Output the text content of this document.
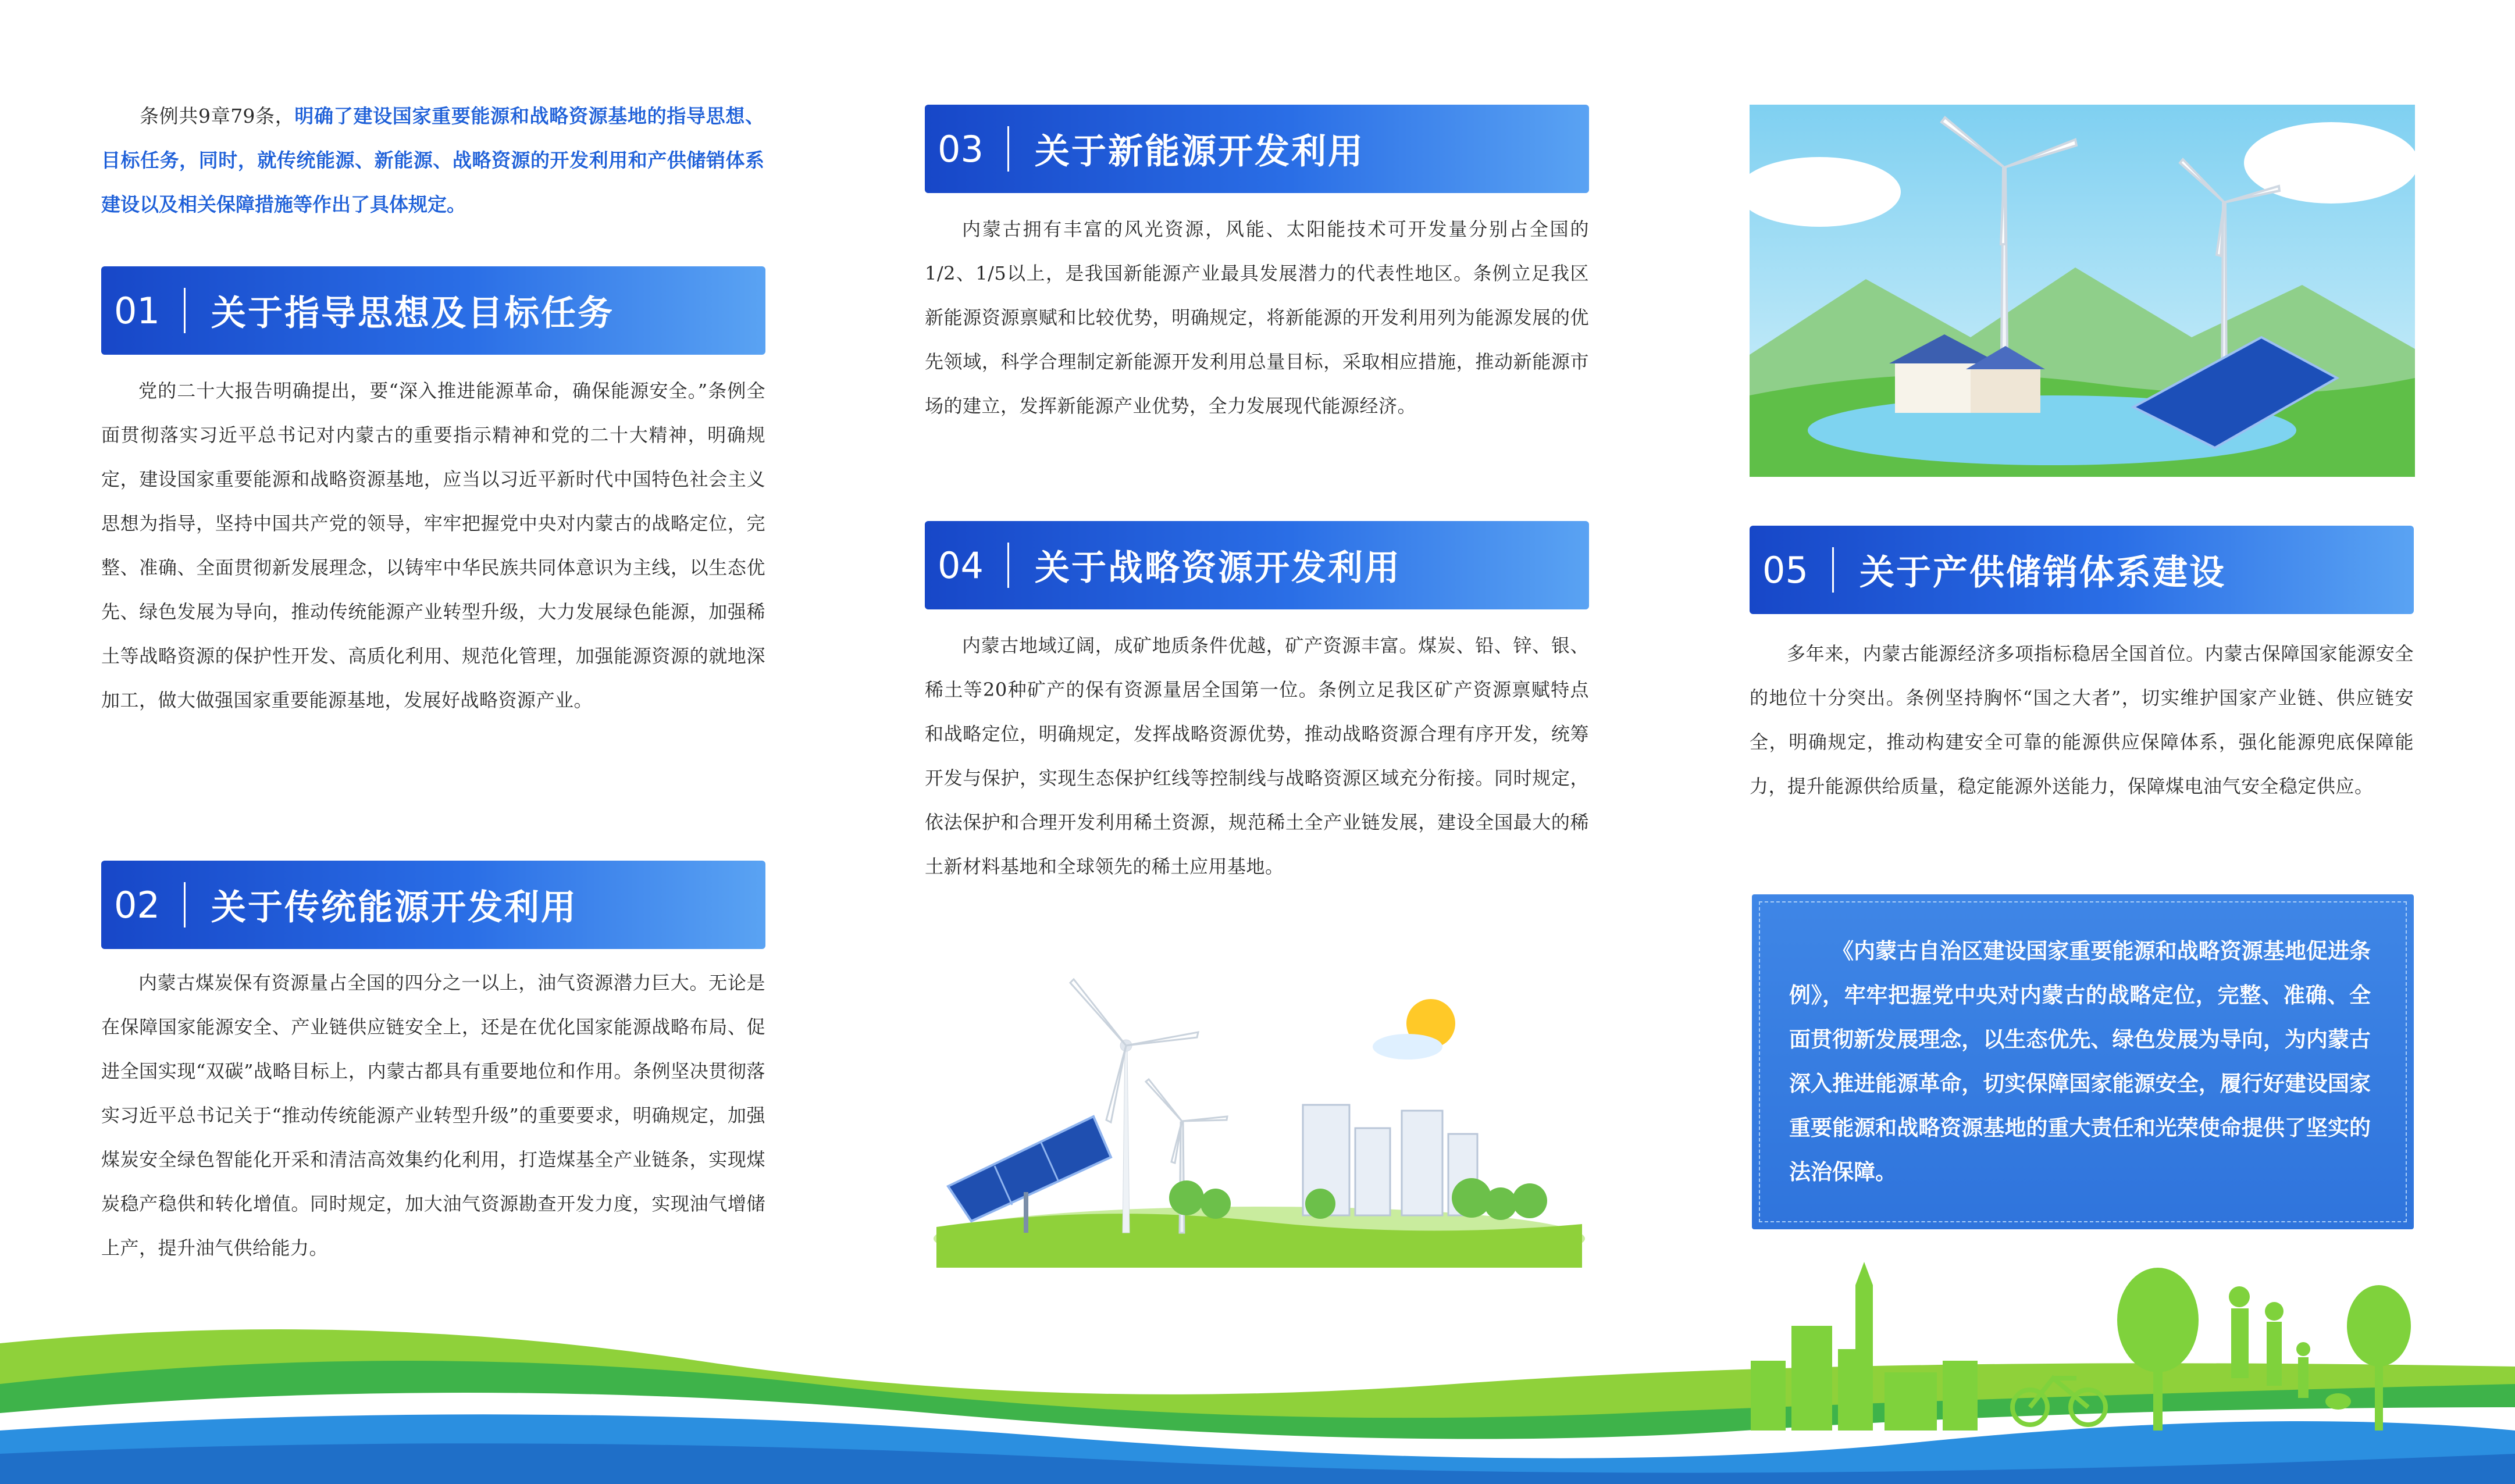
条例共9章79条，明确了建设国家重要能源和战略资源基地的指导思想、目标任务，同时，就传统能源、新能源、战略资源的开发利用和产供储销体系建设以及相关保障措施等作出了具体规定。

01	关于指导思想及目标任务

党的二十大报告明确提出，要“深入推进能源革命，确保能源安全。”条例全面贯彻落实习近平总书记对内蒙古的重要指示精神和党的二十大精神，明确规定，建设国家重要能源和战略资源基地，应当以习近平新时代中国特色社会主义思想为指导，坚持中国共产党的领导，牢牢把握党中央对内蒙古的战略定位，完整、准确、全面贯彻新发展理念，以铸牢中华民族共同体意识为主线，以生态优先、绿色发展为导向，推动传统能源产业转型升级，大力发展绿色能源，加强稀土等战略资源的保护性开发、高质化利用、规范化管理，加强能源资源的就地深加工，做大做强国家重要能源基地，发展好战略资源产业。

02	关于传统能源开发利用

内蒙古煤炭保有资源量占全国的四分之一以上，油气资源潜力巨大。无论是在保障国家能源安全、产业链供应链安全上，还是在优化国家能源战略布局、促进全国实现“双碳”战略目标上，内蒙古都具有重要地位和作用。条例坚决贯彻落实习近平总书记关于“推动传统能源产业转型升级”的重要要求，明确规定，加强煤炭安全绿色智能化开采和清洁高效集约化利用，打造煤基全产业链条，实现煤炭稳产稳供和转化增值。同时规定，加大油气资源勘查开发力度，实现油气增储上产，提升油气供给能力。

03	关于新能源开发利用

内蒙古拥有丰富的风光资源，风能、太阳能技术可开发量分别占全国的1/2、1/5以上，是我国新能源产业最具发展潜力的代表性地区。条例立足我区新能源资源禀赋和比较优势，明确规定，将新能源的开发利用列为能源发展的优先领域，科学合理制定新能源开发利用总量目标，采取相应措施，推动新能源市场的建立，发挥新能源产业优势，全力发展现代能源经济。

04	关于战略资源开发利用

内蒙古地域辽阔，成矿地质条件优越，矿产资源丰富。煤炭、铅、锌、银、稀土等20种矿产的保有资源量居全国第一位。条例立足我区矿产资源禀赋特点和战略定位，明确规定，发挥战略资源优势，推动战略资源合理有序开发，统筹开发与保护，实现生态保护红线等控制线与战略资源区域充分衔接。同时规定，依法保护和合理开发利用稀土资源，规范稀土全产业链发展，建设全国最大的稀土新材料基地和全球领先的稀土应用基地。

05	关于产供储销体系建设

多年来，内蒙古能源经济多项指标稳居全国首位。内蒙古保障国家能源安全的地位十分突出。条例坚持胸怀“国之大者”，切实维护国家产业链、供应链安全，明确规定，推动构建安全可靠的能源供应保障体系，强化能源兜底保障能力，提升能源供给质量，稳定能源外送能力，保障煤电油气安全稳定供应。

《内蒙古自治区建设国家重要能源和战略资源基地促进条例》，牢牢把握党中央对内蒙古的战略定位，完整、准确、全面贯彻新发展理念，以生态优先、绿色发展为导向，为内蒙古深入推进能源革命，切实保障国家能源安全，履行好建设国家重要能源和战略资源基地的重大责任和光荣使命提供了坚实的法治保障。
